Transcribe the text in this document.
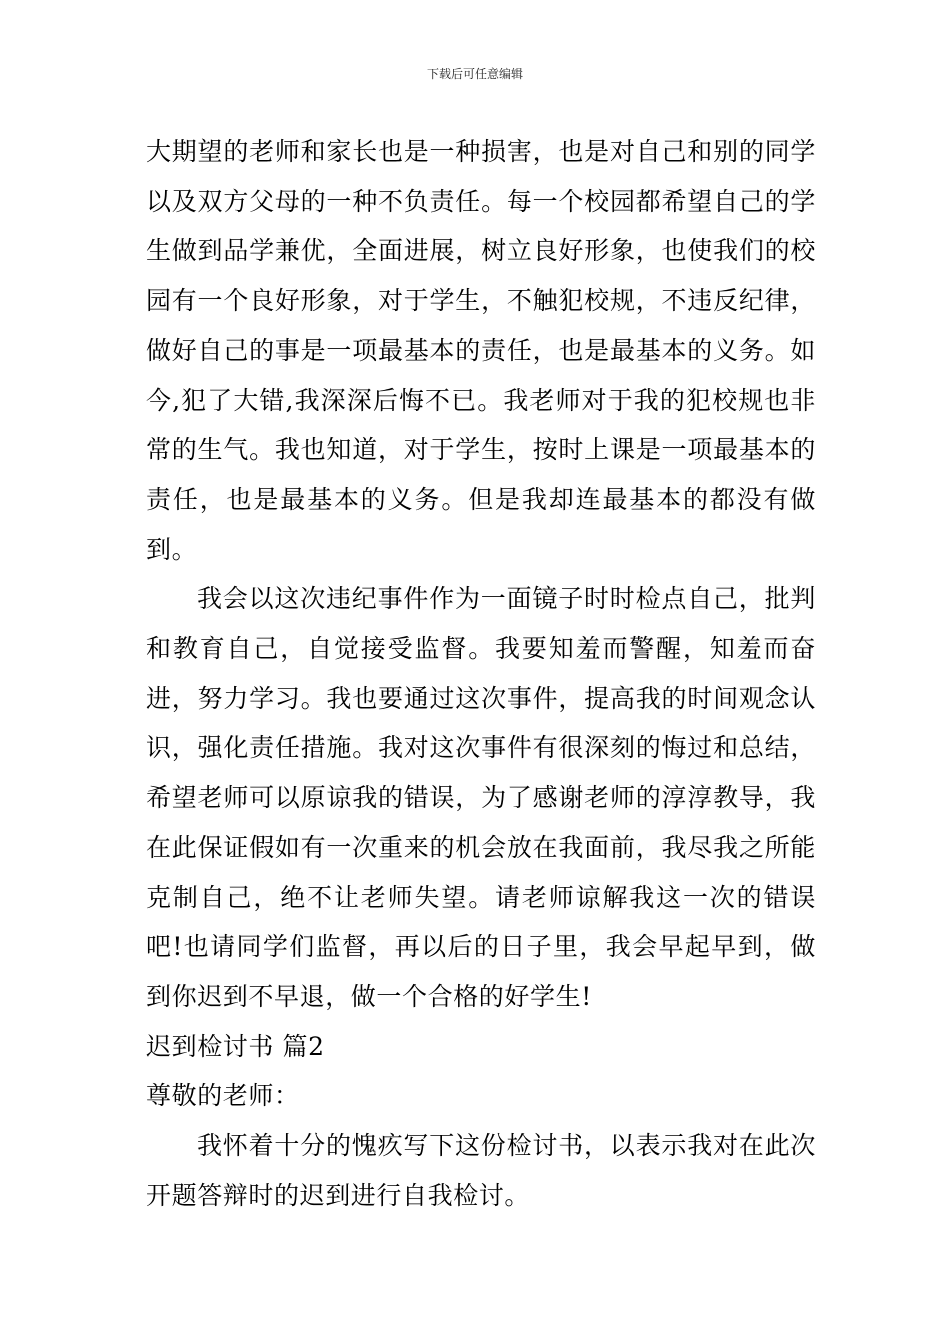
下载后可任意编辑

大期望的老师和家长也是一种损害，也是对自己和别的同学以及双方父母的一种不负责任。每一个校园都希望自己的学生做到品学兼优，全面进展，树立良好形象，也使我们的校园有一个良好形象，对于学生，不触犯校规，不违反纪律，做好自己的事是一项最基本的责任，也是最基本的义务。如今,犯了大错,我深深后悔不已。我老师对于我的犯校规也非常的生气。我也知道，对于学生，按时上课是一项最基本的责任，也是最基本的义务。但是我却连最基本的都没有做到。

我会以这次违纪事件作为一面镜子时时检点自己，批判和教育自己，自觉接受监督。我要知羞而警醒，知羞而奋进，努力学习。我也要通过这次事件，提高我的时间观念认识，强化责任措施。我对这次事件有很深刻的悔过和总结，希望老师可以原谅我的错误，为了感谢老师的淳淳教导，我在此保证假如有一次重来的机会放在我面前，我尽我之所能克制自己，绝不让老师失望。请老师谅解我这一次的错误吧!也请同学们监督，再以后的日子里，我会早起早到，做到你迟到不早退，做一个合格的好学生!

迟到检讨书 篇2

尊敬的老师：

我怀着十分的愧疚写下这份检讨书，以表示我对在此次开题答辩时的迟到进行自我检讨。
